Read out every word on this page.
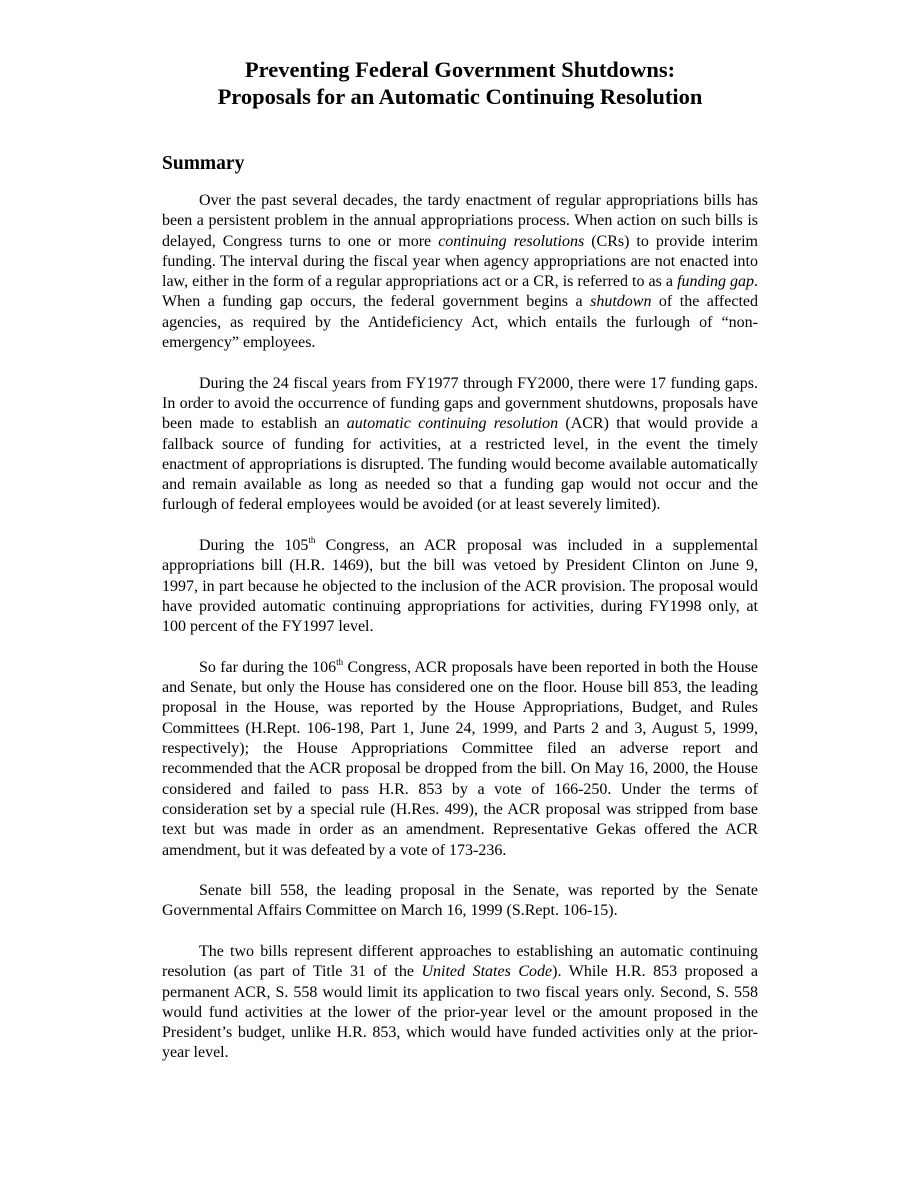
Preventing Federal Government Shutdowns:
Proposals for an Automatic Continuing Resolution
Summary

Over the past several decades, the tardy enactment of regular appropriations bills has been a persistent problem in the annual appropriations process. When action on such bills is delayed, Congress turns to one or more continuing resolutions (CRs) to provide interim funding. The interval during the fiscal year when agency appropriations are not enacted into law, either in the form of a regular appropriations act or a CR, is referred to as a funding gap. When a funding gap occurs, the federal government begins a shutdown of the affected agencies, as required by the Antideficiency Act, which entails the furlough of “non-emergency” employees.

During the 24 fiscal years from FY1977 through FY2000, there were 17 funding gaps. In order to avoid the occurrence of funding gaps and government shutdowns, proposals have been made to establish an automatic continuing resolution (ACR) that would provide a fallback source of funding for activities, at a restricted level, in the event the timely enactment of appropriations is disrupted. The funding would become available automatically and remain available as long as needed so that a funding gap would not occur and the furlough of federal employees would be avoided (or at least severely limited).

During the 105th Congress, an ACR proposal was included in a supplemental appropriations bill (H.R. 1469), but the bill was vetoed by President Clinton on June 9, 1997, in part because he objected to the inclusion of the ACR provision. The proposal would have provided automatic continuing appropriations for activities, during FY1998 only, at 100 percent of the FY1997 level.

So far during the 106th Congress, ACR proposals have been reported in both the House and Senate, but only the House has considered one on the floor. House bill 853, the leading proposal in the House, was reported by the House Appropriations, Budget, and Rules Committees (H.Rept. 106-198, Part 1, June 24, 1999, and Parts 2 and 3, August 5, 1999, respectively); the House Appropriations Committee filed an adverse report and recommended that the ACR proposal be dropped from the bill. On May 16, 2000, the House considered and failed to pass H.R. 853 by a vote of 166-250. Under the terms of consideration set by a special rule (H.Res. 499), the ACR proposal was stripped from base text but was made in order as an amendment. Representative Gekas offered the ACR amendment, but it was defeated by a vote of 173-236.

Senate bill 558, the leading proposal in the Senate, was reported by the Senate Governmental Affairs Committee on March 16, 1999 (S.Rept. 106-15).

The two bills represent different approaches to establishing an automatic continuing resolution (as part of Title 31 of the United States Code). While H.R. 853 proposed a permanent ACR, S. 558 would limit its application to two fiscal years only. Second, S. 558 would fund activities at the lower of the prior-year level or the amount proposed in the President’s budget, unlike H.R. 853, which would have funded activities only at the prior-year level.
